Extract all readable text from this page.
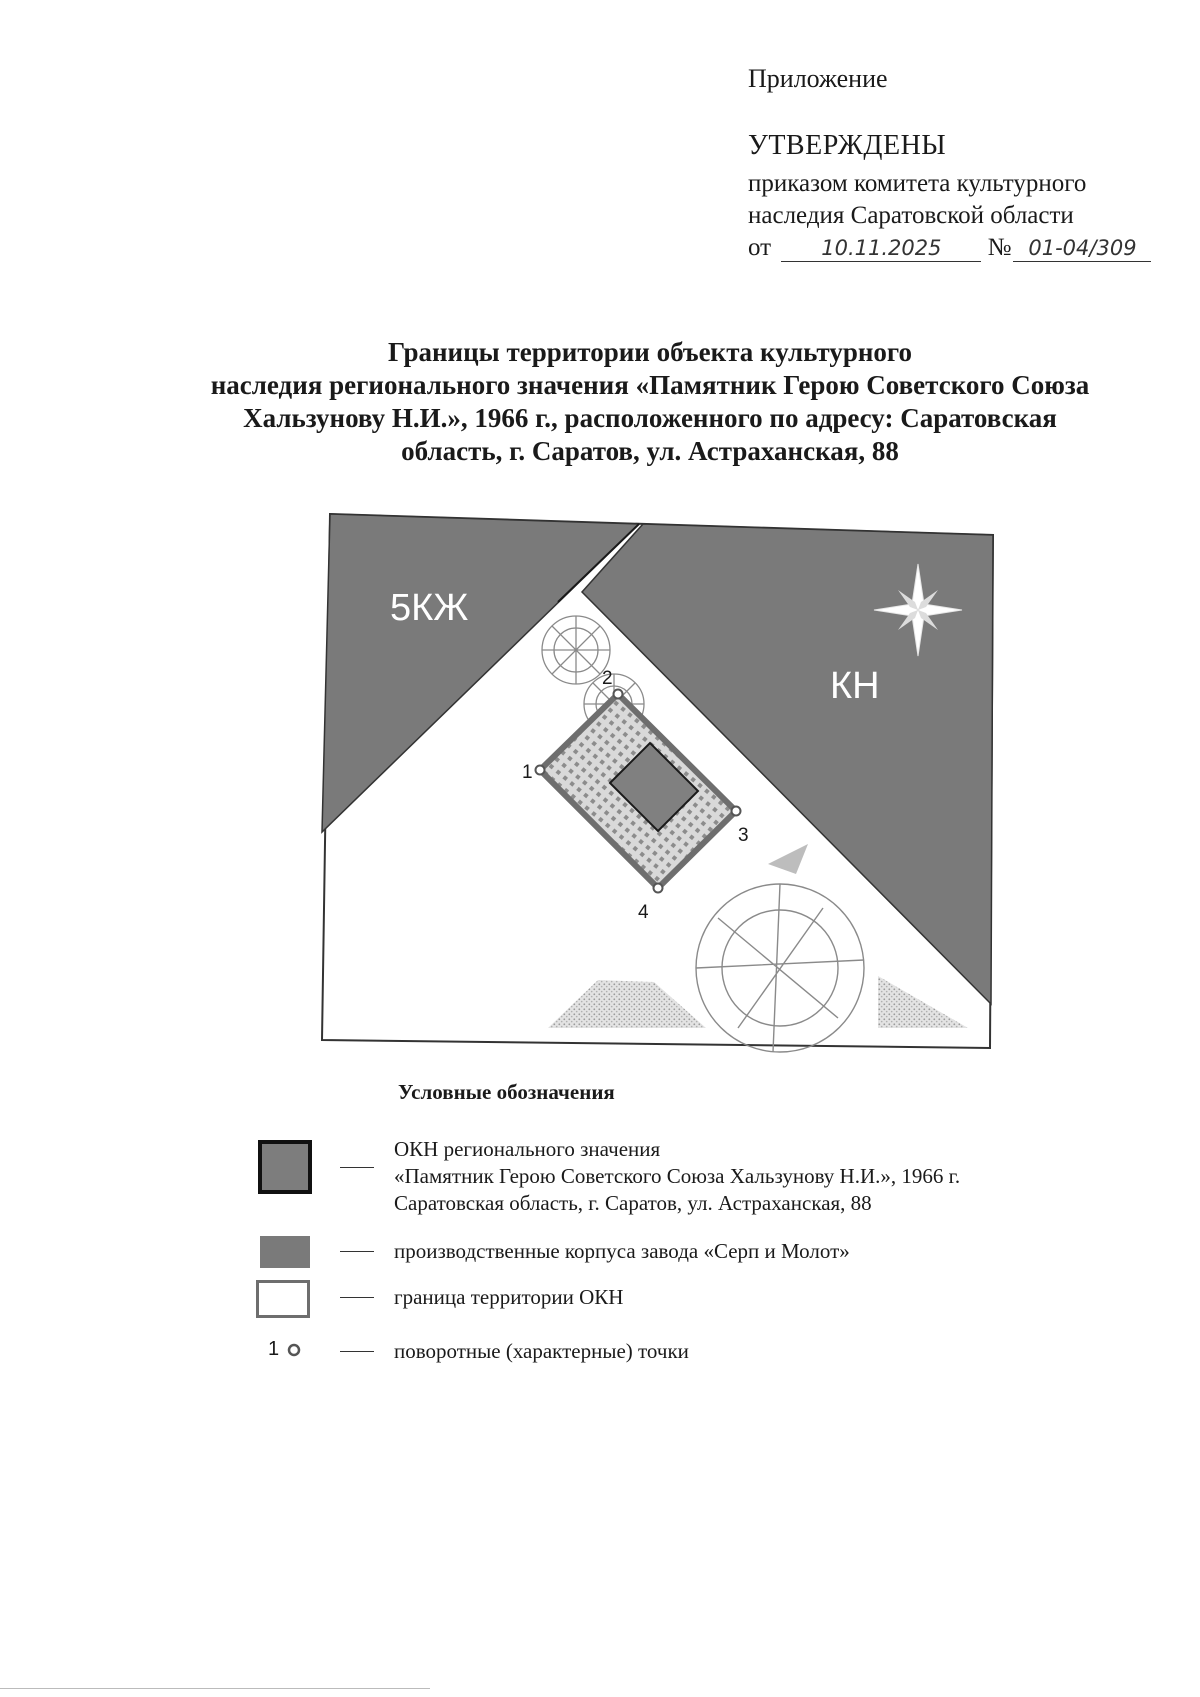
Приложение
УТВЕРЖДЕНЫ
приказом комитета культурного
наследия Саратовской области
от 10.11.2025 № 01-04/309
Границы территории объекта культурного
наследия регионального значения «Памятник Герою Советского Союза
Хальзунову Н.И.», 1966 г., расположенного по адресу: Саратовская
область, г. Саратов, ул. Астраханская, 88
1
2
3
4
5КЖ
КН
Условные обозначения
ОКН регионального значения
«Памятник Герою Советского Союза Хальзунову Н.И.», 1966 г.
Саратовская область, г. Саратов, ул. Астраханская, 88
производственные корпуса завода «Серп и Молот»
граница территории ОКН
1	поворотные (характерные) точки
